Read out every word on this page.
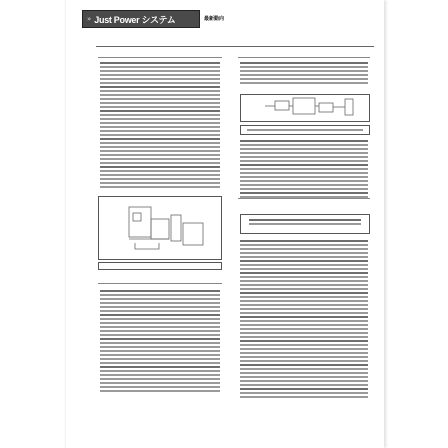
» Just Power システム	最新動向
